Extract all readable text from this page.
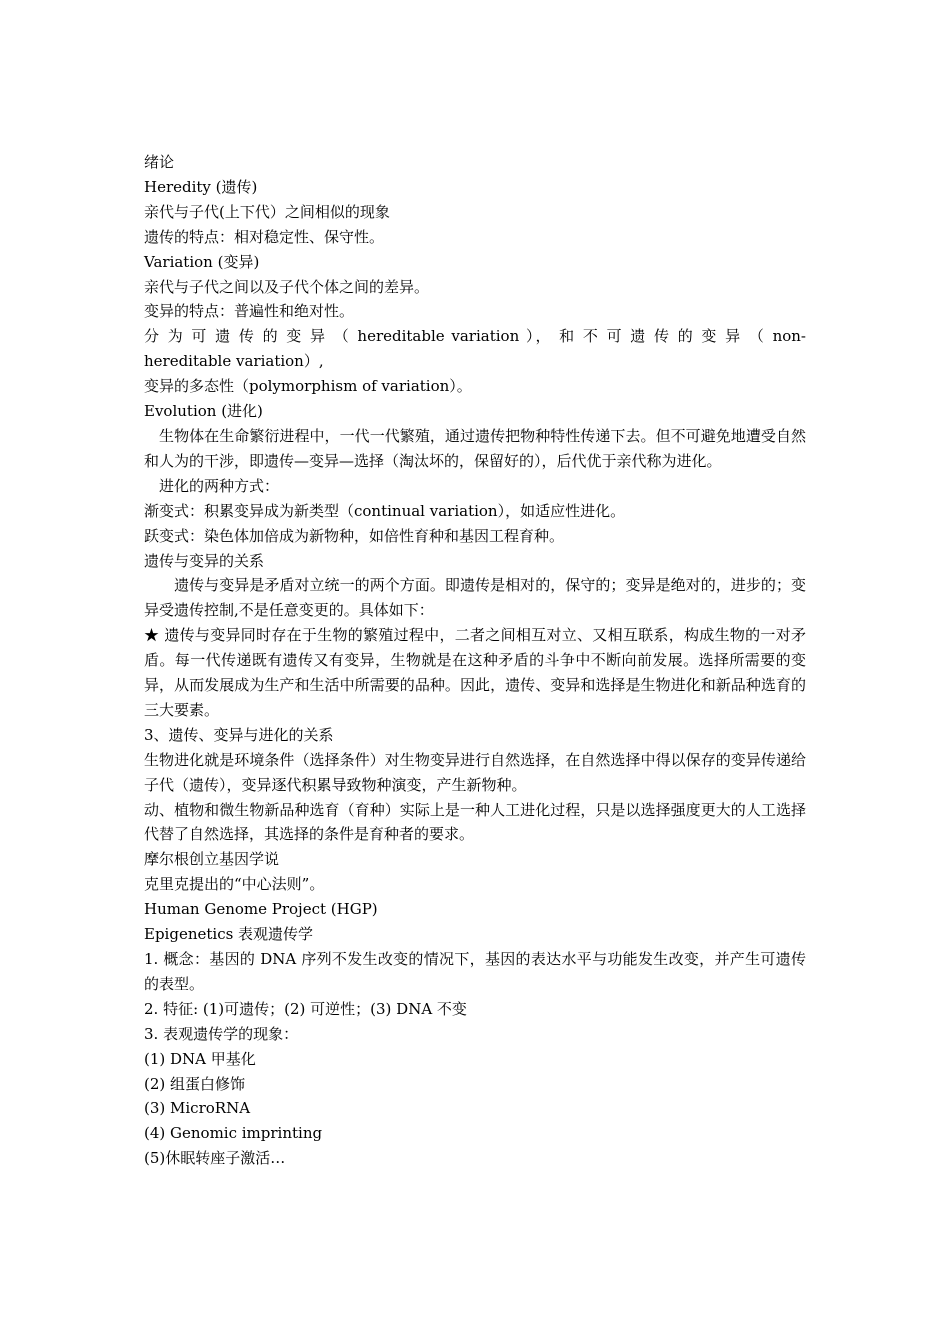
绪论

Heredity (遗传)

亲代与子代(上下代）之间相似的现象

遗传的特点：相对稳定性、保守性。

Variation (变异)

亲代与子代之间以及子代个体之间的差异。

变异的特点：普遍性和绝对性。

分 为 可 遗 传 的 变 异 （ hereditable variation ）， 和 不 可 遗 传 的 变 异 （ non-hereditable variation）,

变异的多态性（polymorphism of variation）。

Evolution (进化)

　生物体在生命繁衍进程中，一代一代繁殖，通过遗传把物种特性传递下去。但不可避免地遭受自然和人为的干涉，即遗传—变异—选择（淘汰坏的，保留好的），后代优于亲代称为进化。

　进化的两种方式：

渐变式：积累变异成为新类型（continual variation），如适应性进化。

跃变式：染色体加倍成为新物种，如倍性育种和基因工程育种。

遗传与变异的关系

　　遗传与变异是矛盾对立统一的两个方面。即遗传是相对的，保守的；变异是绝对的，进步的；变异受遗传控制,不是任意变更的。具体如下：

★ 遗传与变异同时存在于生物的繁殖过程中，二者之间相互对立、又相互联系，构成生物的一对矛盾。每一代传递既有遗传又有变异，生物就是在这种矛盾的斗争中不断向前发展。选择所需要的变异，从而发展成为生产和生活中所需要的品种。因此，遗传、变异和选择是生物进化和新品种选育的三大要素。

3、遗传、变异与进化的关系

生物进化就是环境条件（选择条件）对生物变异进行自然选择，在自然选择中得以保存的变异传递给子代（遗传），变异逐代积累导致物种演变，产生新物种。

动、植物和微生物新品种选育（育种）实际上是一种人工进化过程，只是以选择强度更大的人工选择代替了自然选择，其选择的条件是育种者的要求。

摩尔根创立基因学说

克里克提出的“中心法则”。

Human Genome Project (HGP)

Epigenetics 表观遗传学

1. 概念：基因的 DNA 序列不发生改变的情况下，基因的表达水平与功能发生改变，并产生可遗传的表型。

2. 特征: (1)可遗传；(2) 可逆性；(3) DNA 不变

3. 表观遗传学的现象：

(1) DNA 甲基化

(2) 组蛋白修饰

(3) MicroRNA

(4) Genomic imprinting

(5)休眠转座子激活…
